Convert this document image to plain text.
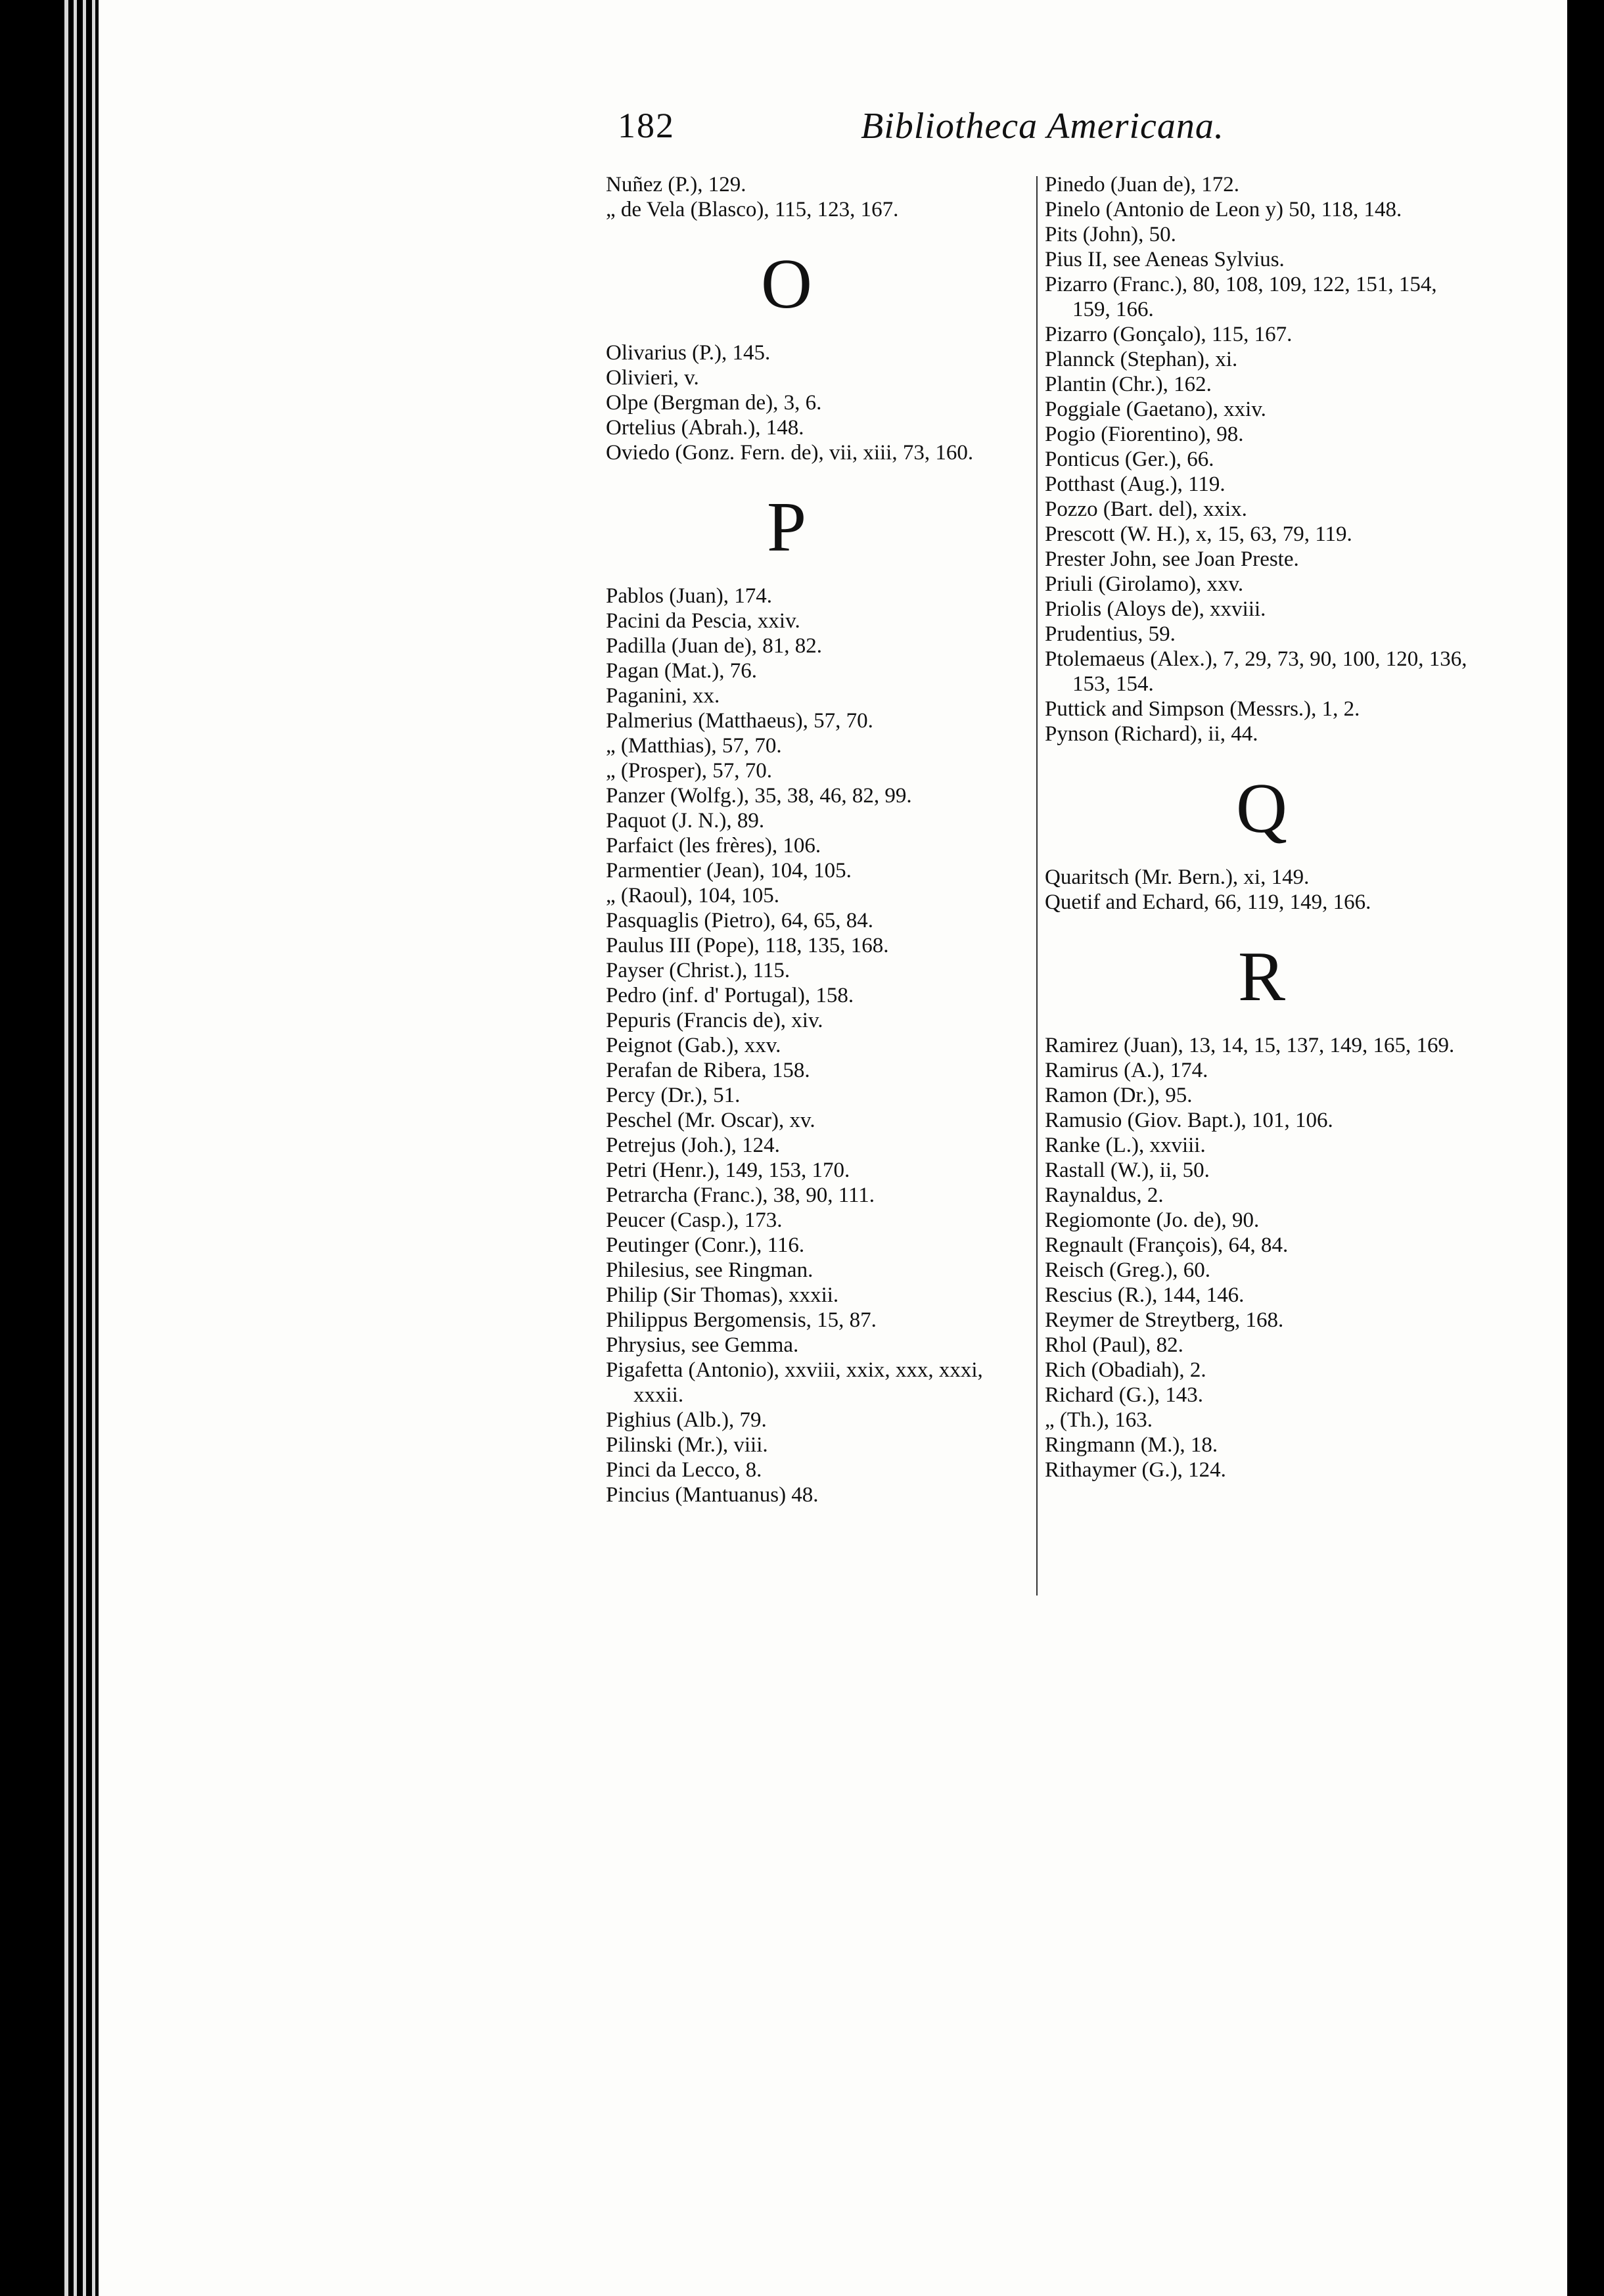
182	Bibliotheca Americana.
Nuñez (P.), 129.
„ de Vela (Blasco), 115, 123, 167.
O
Olivarius (P.), 145.
Olivieri, v.
Olpe (Bergman de), 3, 6.
Ortelius (Abrah.), 148.
Oviedo (Gonz. Fern. de), vii, xiii, 73, 160.
P
Pablos (Juan), 174.
Pacini da Pescia, xxiv.
Padilla (Juan de), 81, 82.
Pagan (Mat.), 76.
Paganini, xx.
Palmerius (Matthaeus), 57, 70.
„ (Matthias), 57, 70.
„ (Prosper), 57, 70.
Panzer (Wolfg.), 35, 38, 46, 82, 99.
Paquot (J. N.), 89.
Parfaict (les frères), 106.
Parmentier (Jean), 104, 105.
„ (Raoul), 104, 105.
Pasquaglis (Pietro), 64, 65, 84.
Paulus III (Pope), 118, 135, 168.
Payser (Christ.), 115.
Pedro (inf. d' Portugal), 158.
Pepuris (Francis de), xiv.
Peignot (Gab.), xxv.
Perafan de Ribera, 158.
Percy (Dr.), 51.
Peschel (Mr. Oscar), xv.
Petrejus (Joh.), 124.
Petri (Henr.), 149, 153, 170.
Petrarcha (Franc.), 38, 90, 111.
Peucer (Casp.), 173.
Peutinger (Conr.), 116.
Philesius, see Ringman.
Philip (Sir Thomas), xxxii.
Philippus Bergomensis, 15, 87.
Phrysius, see Gemma.
Pigafetta (Antonio), xxviii, xxix, xxx, xxxi, xxxii.
Pighius (Alb.), 79.
Pilinski (Mr.), viii.
Pinci da Lecco, 8.
Pincius (Mantuanus) 48.
Pinedo (Juan de), 172.
Pinelo (Antonio de Leon y) 50, 118, 148.
Pits (John), 50.
Pius II, see Aeneas Sylvius.
Pizarro (Franc.), 80, 108, 109, 122, 151, 154, 159, 166.
Pizarro (Gonçalo), 115, 167.
Plannck (Stephan), xi.
Plantin (Chr.), 162.
Poggiale (Gaetano), xxiv.
Pogio (Fiorentino), 98.
Ponticus (Ger.), 66.
Potthast (Aug.), 119.
Pozzo (Bart. del), xxix.
Prescott (W. H.), x, 15, 63, 79, 119.
Prester John, see Joan Preste.
Priuli (Girolamo), xxv.
Priolis (Aloys de), xxviii.
Prudentius, 59.
Ptolemaeus (Alex.), 7, 29, 73, 90, 100, 120, 136, 153, 154.
Puttick and Simpson (Messrs.), 1, 2.
Pynson (Richard), ii, 44.
Q
Quaritsch (Mr. Bern.), xi, 149.
Quetif and Echard, 66, 119, 149, 166.
R
Ramirez (Juan), 13, 14, 15, 137, 149, 165, 169.
Ramirus (A.), 174.
Ramon (Dr.), 95.
Ramusio (Giov. Bapt.), 101, 106.
Ranke (L.), xxviii.
Rastall (W.), ii, 50.
Raynaldus, 2.
Regiomonte (Jo. de), 90.
Regnault (François), 64, 84.
Reisch (Greg.), 60.
Rescius (R.), 144, 146.
Reymer de Streytberg, 168.
Rhol (Paul), 82.
Rich (Obadiah), 2.
Richard (G.), 143.
„ (Th.), 163.
Ringmann (M.), 18.
Rithaymer (G.), 124.
